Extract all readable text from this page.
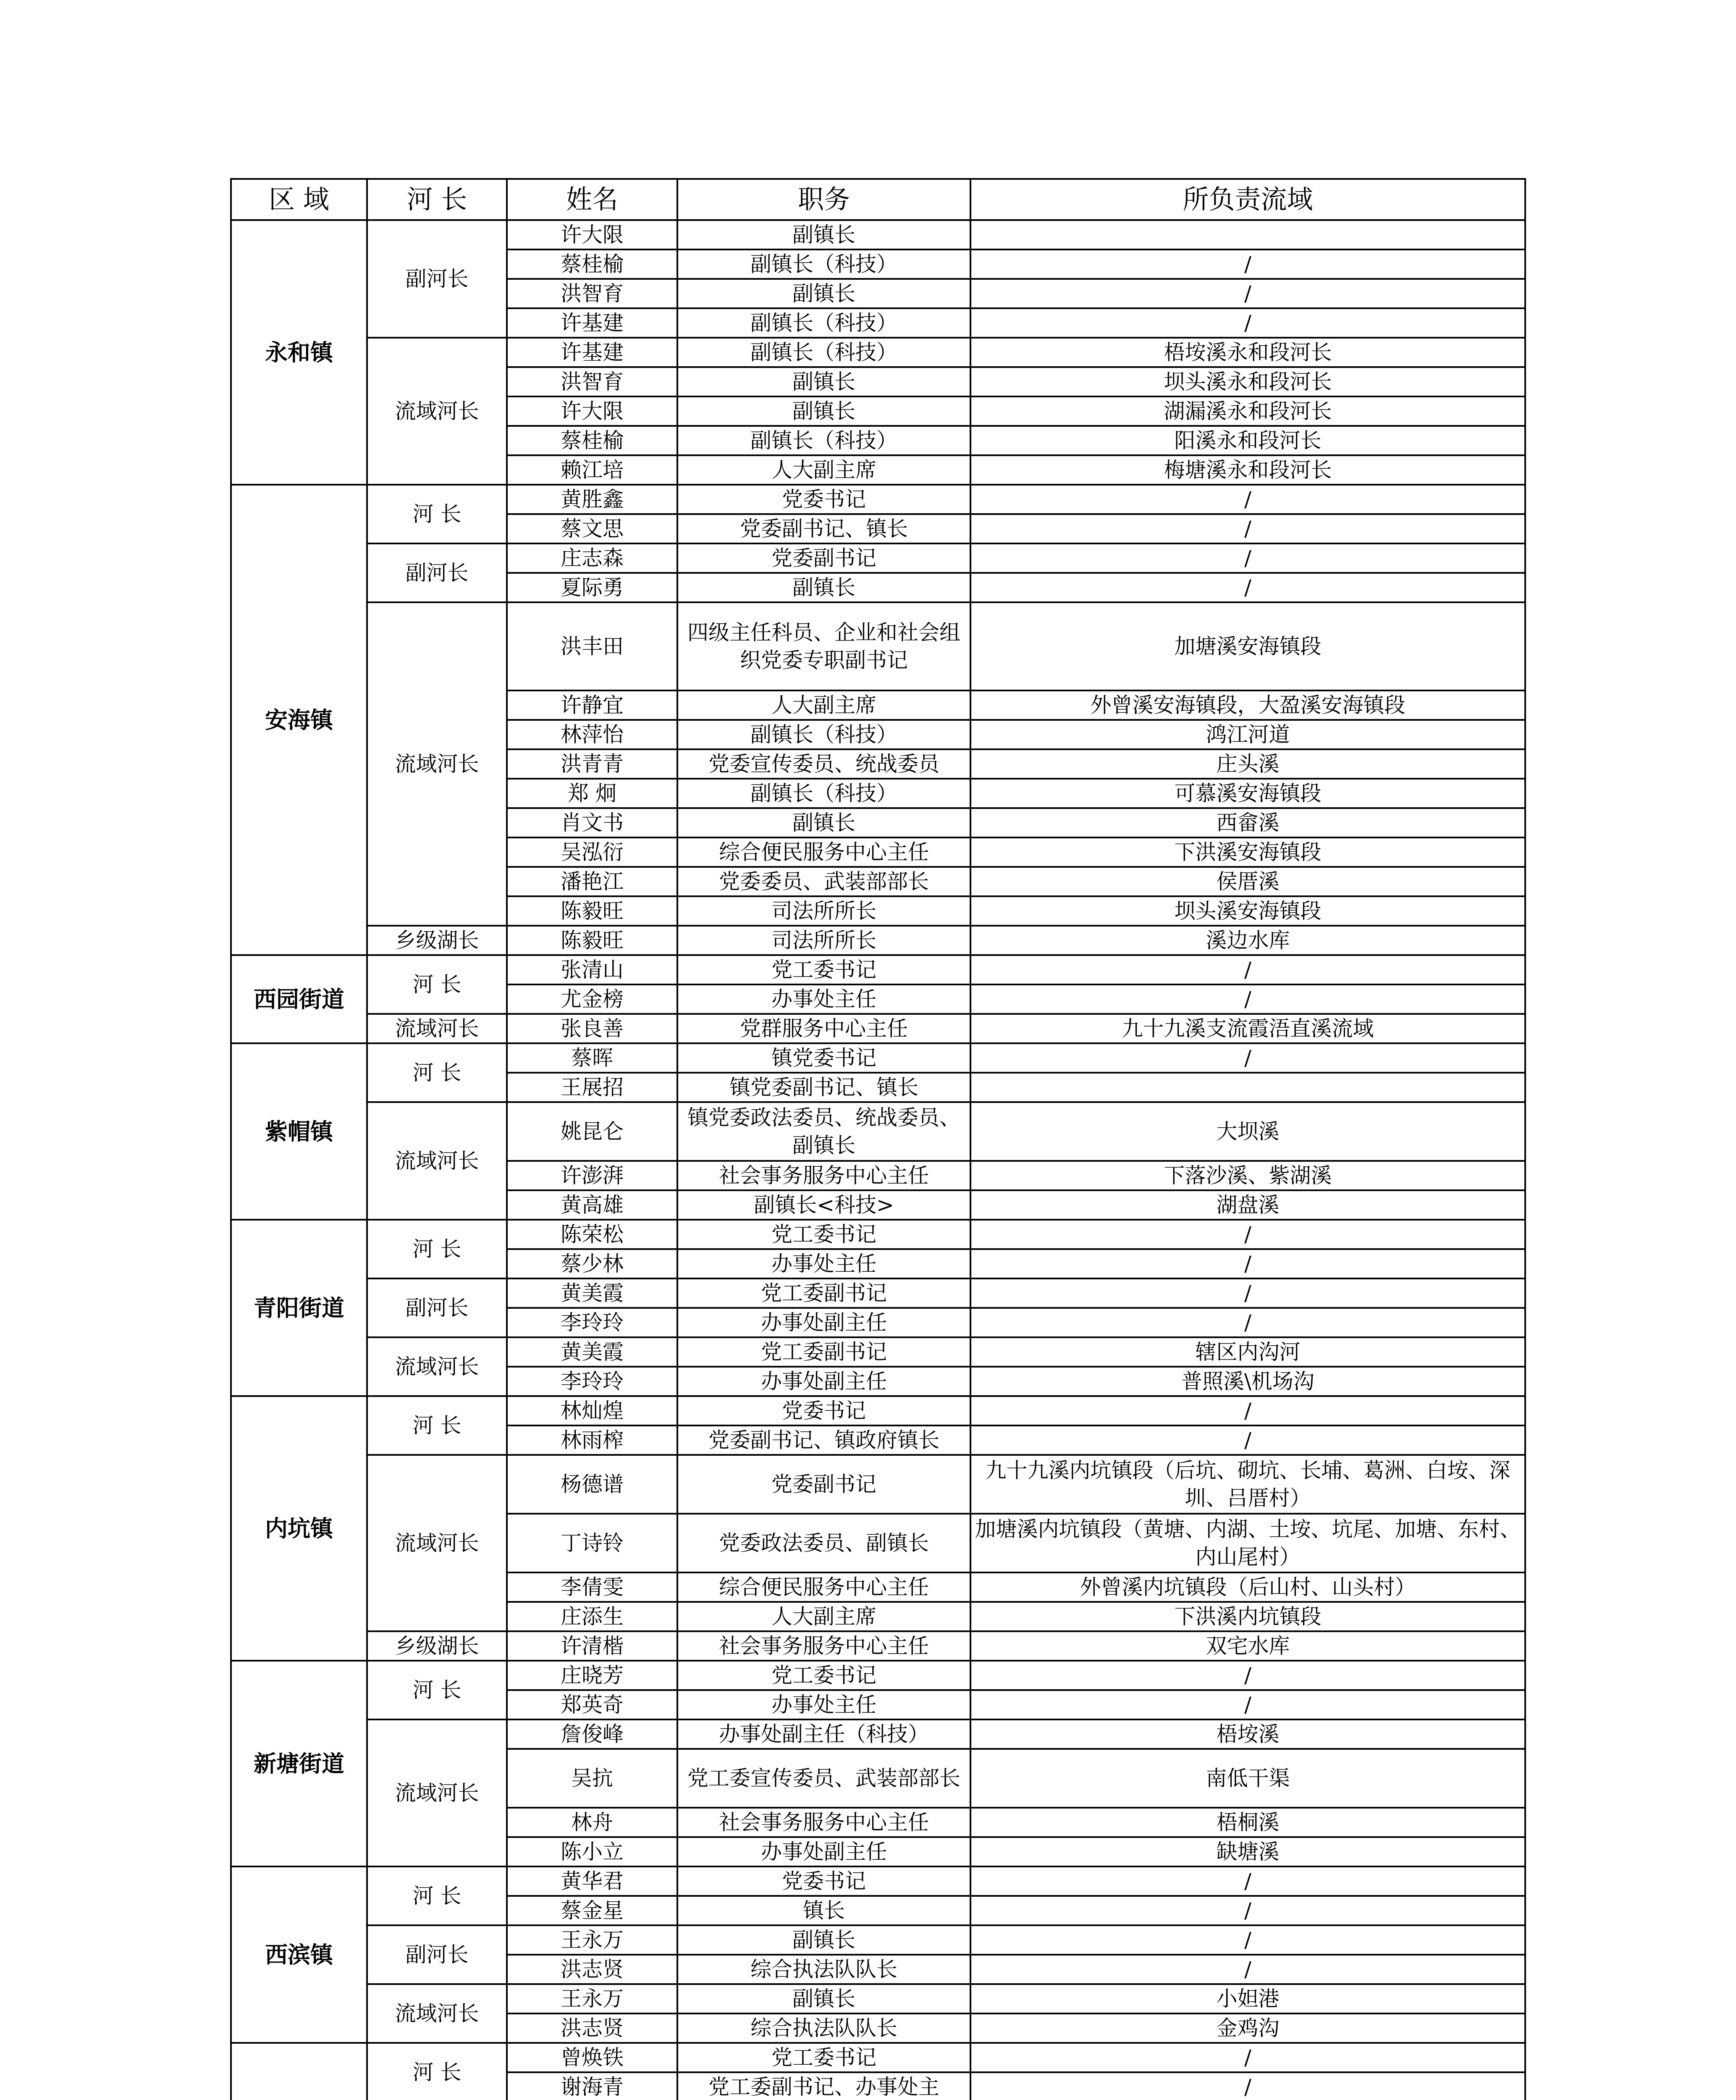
区 域	河 长	姓名	职务	所负责流域
永和镇	副河长	许大限	副镇长	
		蔡桂榆	副镇长（科技）	/
		洪智育	副镇长	/
		许基建	副镇长（科技）	/
	流域河长	许基建	副镇长（科技）	梧垵溪永和段河长
		洪智育	副镇长	坝头溪永和段河长
		许大限	副镇长	湖漏溪永和段河长
		蔡桂榆	副镇长（科技）	阳溪永和段河长
		赖江培	人大副主席	梅塘溪永和段河长
安海镇	河 长	黄胜鑫	党委书记	/
		蔡文思	党委副书记、镇长	/
	副河长	庄志森	党委副书记	/
		夏际勇	副镇长	/
	流域河长	洪丰田	四级主任科员、企业和社会组织党委专职副书记	加塘溪安海镇段
		许静宜	人大副主席	外曾溪安海镇段，大盈溪安海镇段
		林萍怡	副镇长（科技）	鸿江河道
		洪青青	党委宣传委员、统战委员	庄头溪
		郑 炯	副镇长（科技）	可慕溪安海镇段
		肖文书	副镇长	西畲溪
		吴泓衍	综合便民服务中心主任	下洪溪安海镇段
		潘艳江	党委委员、武装部部长	侯厝溪
		陈毅旺	司法所所长	坝头溪安海镇段
	乡级湖长	陈毅旺	司法所所长	溪边水库
西园街道	河 长	张清山	党工委书记	/
		尤金榜	办事处主任	/
	流域河长	张良善	党群服务中心主任	九十九溪支流霞浯直溪流域
紫帽镇	河 长	蔡晖	镇党委书记	/
		王展招	镇党委副书记、镇长	
	流域河长	姚昆仑	镇党委政法委员、统战委员、副镇长	大坝溪
		许澎湃	社会事务服务中心主任	下落沙溪、紫湖溪
		黄高雄	副镇长<科技>	湖盘溪
青阳街道	河 长	陈荣松	党工委书记	/
		蔡少林	办事处主任	/
	副河长	黄美霞	党工委副书记	/
		李玲玲	办事处副主任	/
	流域河长	黄美霞	党工委副书记	辖区内沟河
		李玲玲	办事处副主任	普照溪\机场沟
内坑镇	河 长	林灿煌	党委书记	/
		林雨榨	党委副书记、镇政府镇长	/
	流域河长	杨德谱	党委副书记	九十九溪内坑镇段（后坑、砌坑、长埔、葛洲、白垵、深圳、吕厝村）
		丁诗铃	党委政法委员、副镇长	加塘溪内坑镇段（黄塘、内湖、土垵、坑尾、加塘、东村、内山尾村）
		李倩雯	综合便民服务中心主任	外曾溪内坑镇段（后山村、山头村）
		庄添生	人大副主席	下洪溪内坑镇段
	乡级湖长	许清楷	社会事务服务中心主任	双宅水库
新塘街道	河 长	庄晓芳	党工委书记	/
		郑英奇	办事处主任	/
	流域河长	詹俊峰	办事处副主任（科技）	梧垵溪
		吴抗	党工委宣传委员、武装部部长	南低干渠
		林舟	社会事务服务中心主任	梧桐溪
		陈小立	办事处副主任	缺塘溪
西滨镇	河 长	黄华君	党委书记	/
		蔡金星	镇长	/
	副河长	王永万	副镇长	/
		洪志贤	综合执法队队长	/
	流域河长	王永万	副镇长	小妲港
		洪志贤	综合执法队队长	金鸡沟
	河 长	曾焕铁	党工委书记	/
		谢海青	党工委副书记、办事处主	/
